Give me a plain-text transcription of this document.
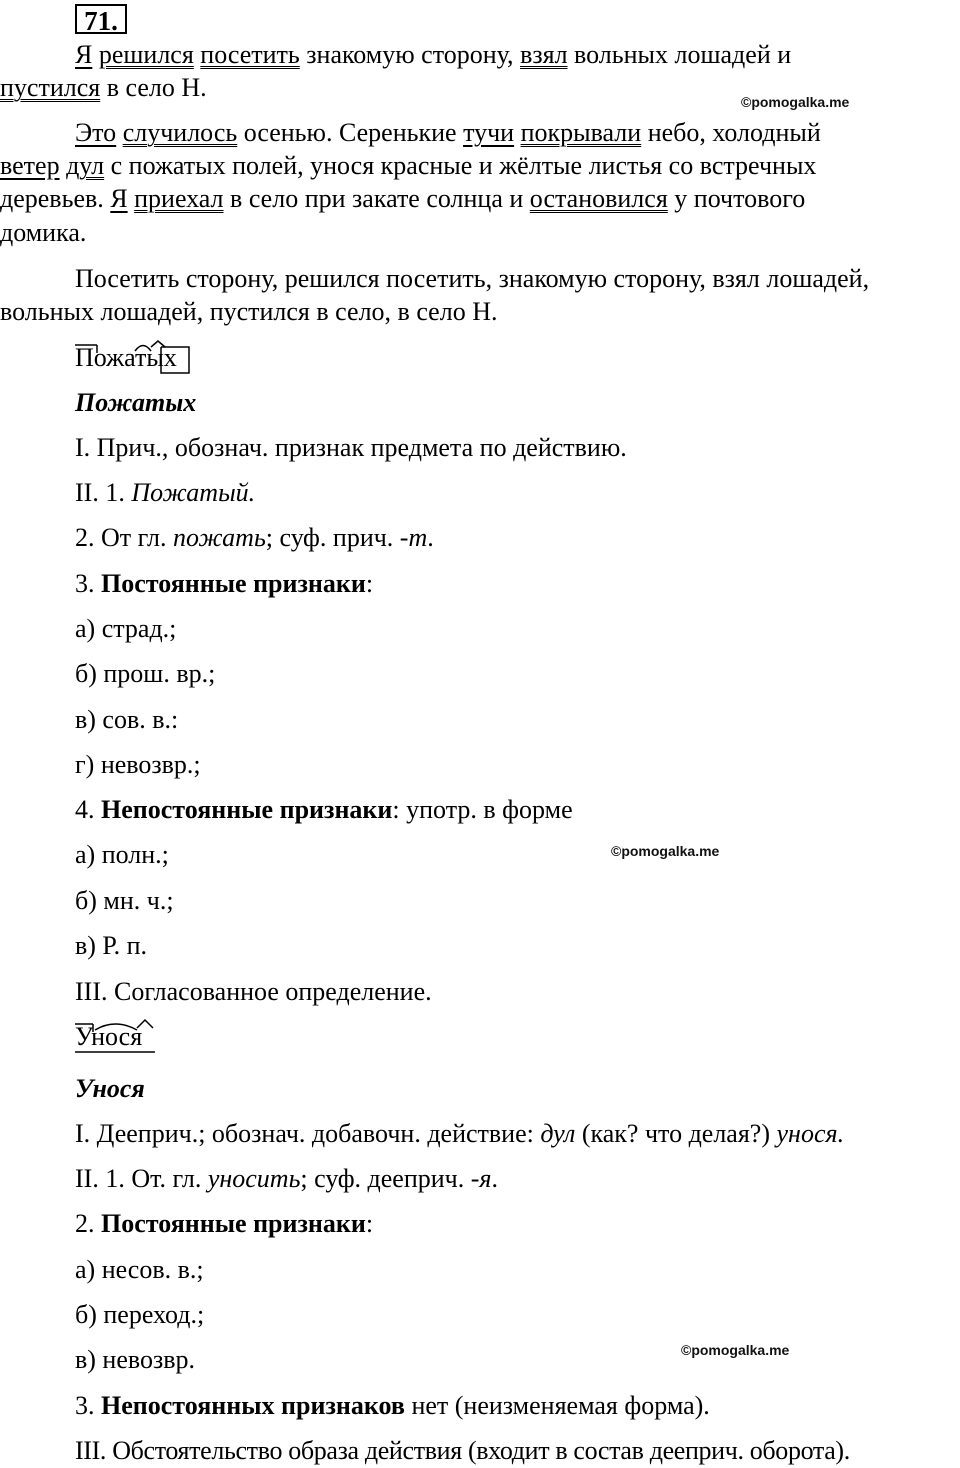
71.
Я решился посетить знакомую сторону, взял вольных лошадей и
пустился в село Н.	©pomogalka.me
Это случилось осенью. Серенькие тучи покрывали небо, холодный
ветер дул с пожатых полей, унося красные и жёлтые листья со встречных
деревьев. Я приехал в село при закате солнца и остановился у почтового
домика.
Посетить сторону, решился посетить, знакомую сторону, взял лошадей,
вольных лошадей, пустился в село, в село Н.
Пожатых
Пожатых
I. Прич., обознач. признак предмета по действию.
II. 1. Пожатый.
2. От гл. пожать; суф. прич. -т.
3. Постоянные признаки:
а) страд.;
б) прош. вр.;
в) сов. в.:
г) невозвр.;
4. Непостоянные признаки: употр. в форме
а) полн.;	©pomogalka.me
б) мн. ч.;
в) Р. п.
III. Согласованное определение.
Унося
Унося
I. Дееприч.; обознач. добавочн. действие: дул (как? что делая?) унося.
II. 1. От. гл. уносить; суф. дееприч. -я.
2. Постоянные признаки:
а) несов. в.;
б) переход.;
в) невозвр.	©pomogalka.me
3. Непостоянных признаков нет (неизменяемая форма).
III. Обстоятельство образа действия (входит в состав дееприч. оборота).
